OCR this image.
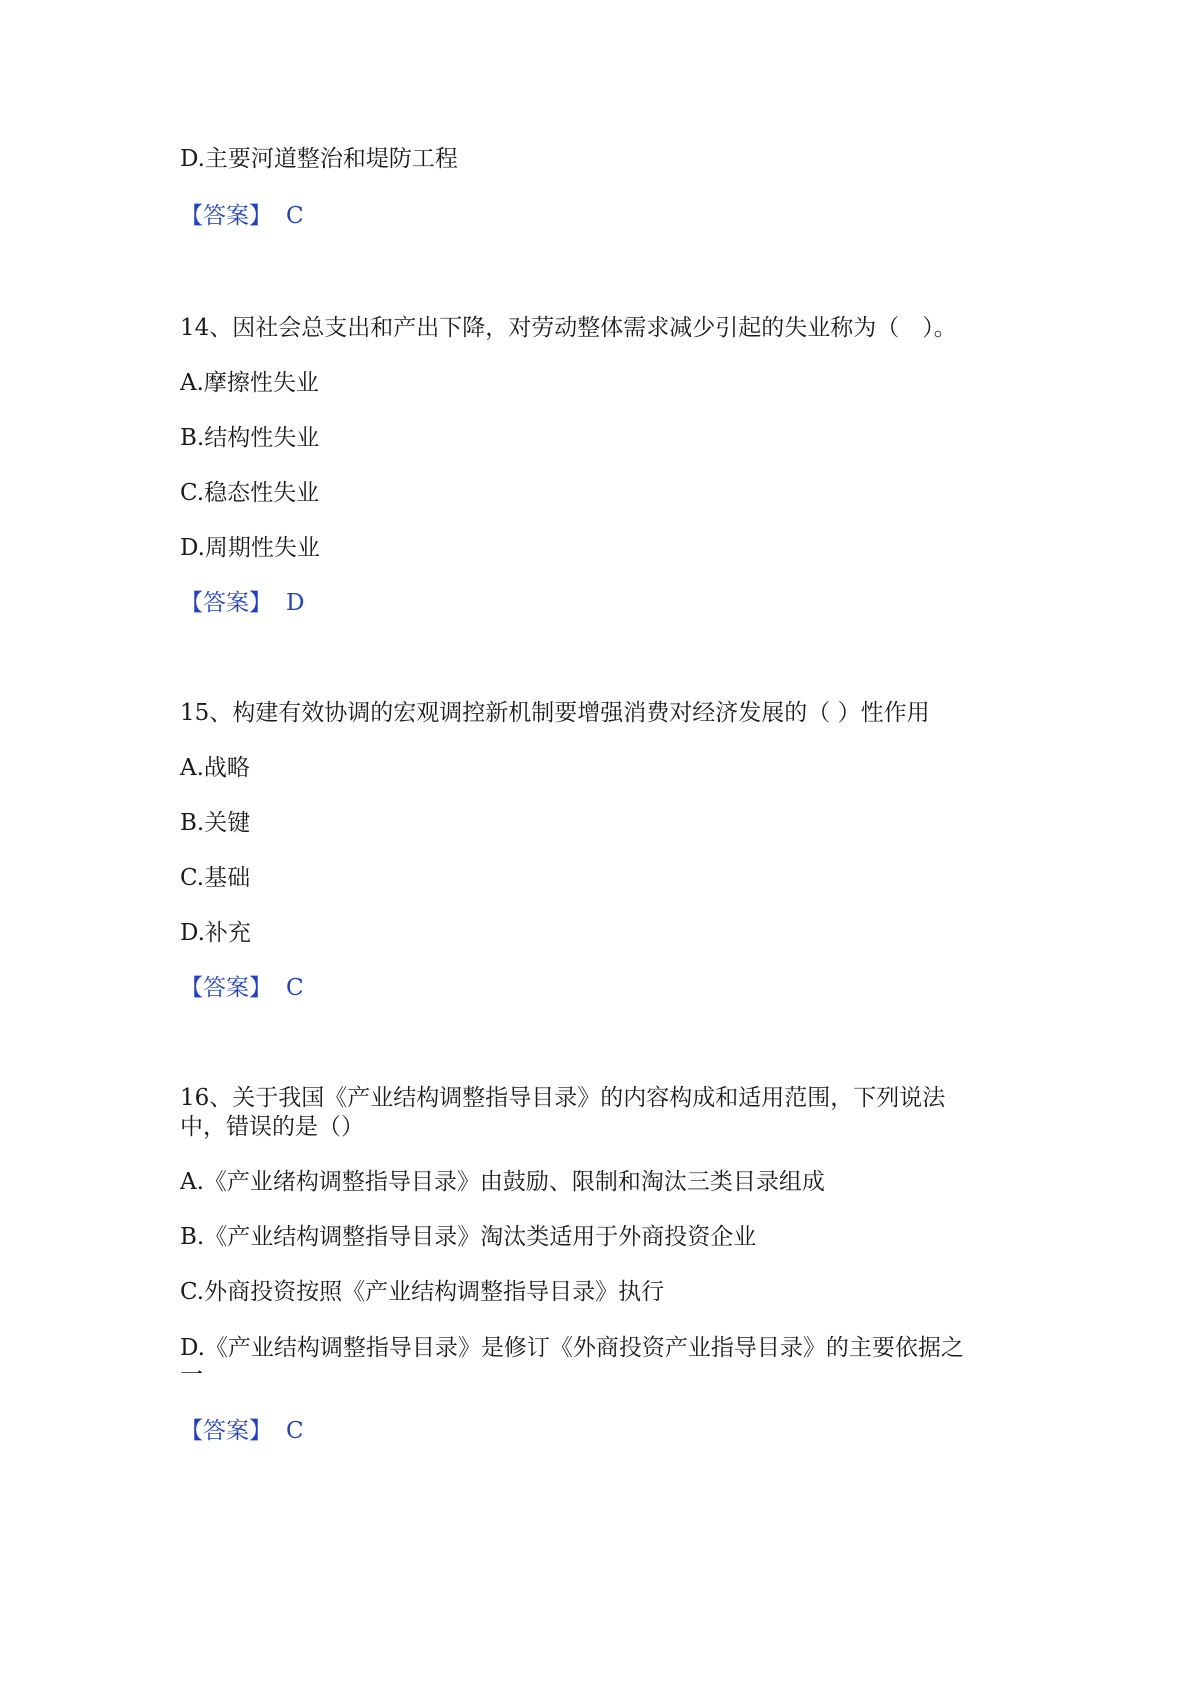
D.主要河道整治和堤防工程
【答案】 C
14、因社会总支出和产出下降，对劳动整体需求减少引起的失业称为（　）。
A.摩擦性失业
B.结构性失业
C.稳态性失业
D.周期性失业
【答案】 D
15、构建有效协调的宏观调控新机制要增强消费对经济发展的（ ）性作用
A.战略
B.关键
C.基础
D.补充
【答案】 C
16、关于我国《产业结构调整指导目录》的内容构成和适用范围，下列说法
中，错误的是（）
A.《产业绪构调整指导目录》由鼓励、限制和淘汰三类目录组成
B.《产业结构调整指导目录》淘汰类适用于外商投资企业
C.外商投资按照《产业结构调整指导目录》执行
D.《产业结构调整指导目录》是修订《外商投资产业指导目录》的主要依据之
一
【答案】 C
